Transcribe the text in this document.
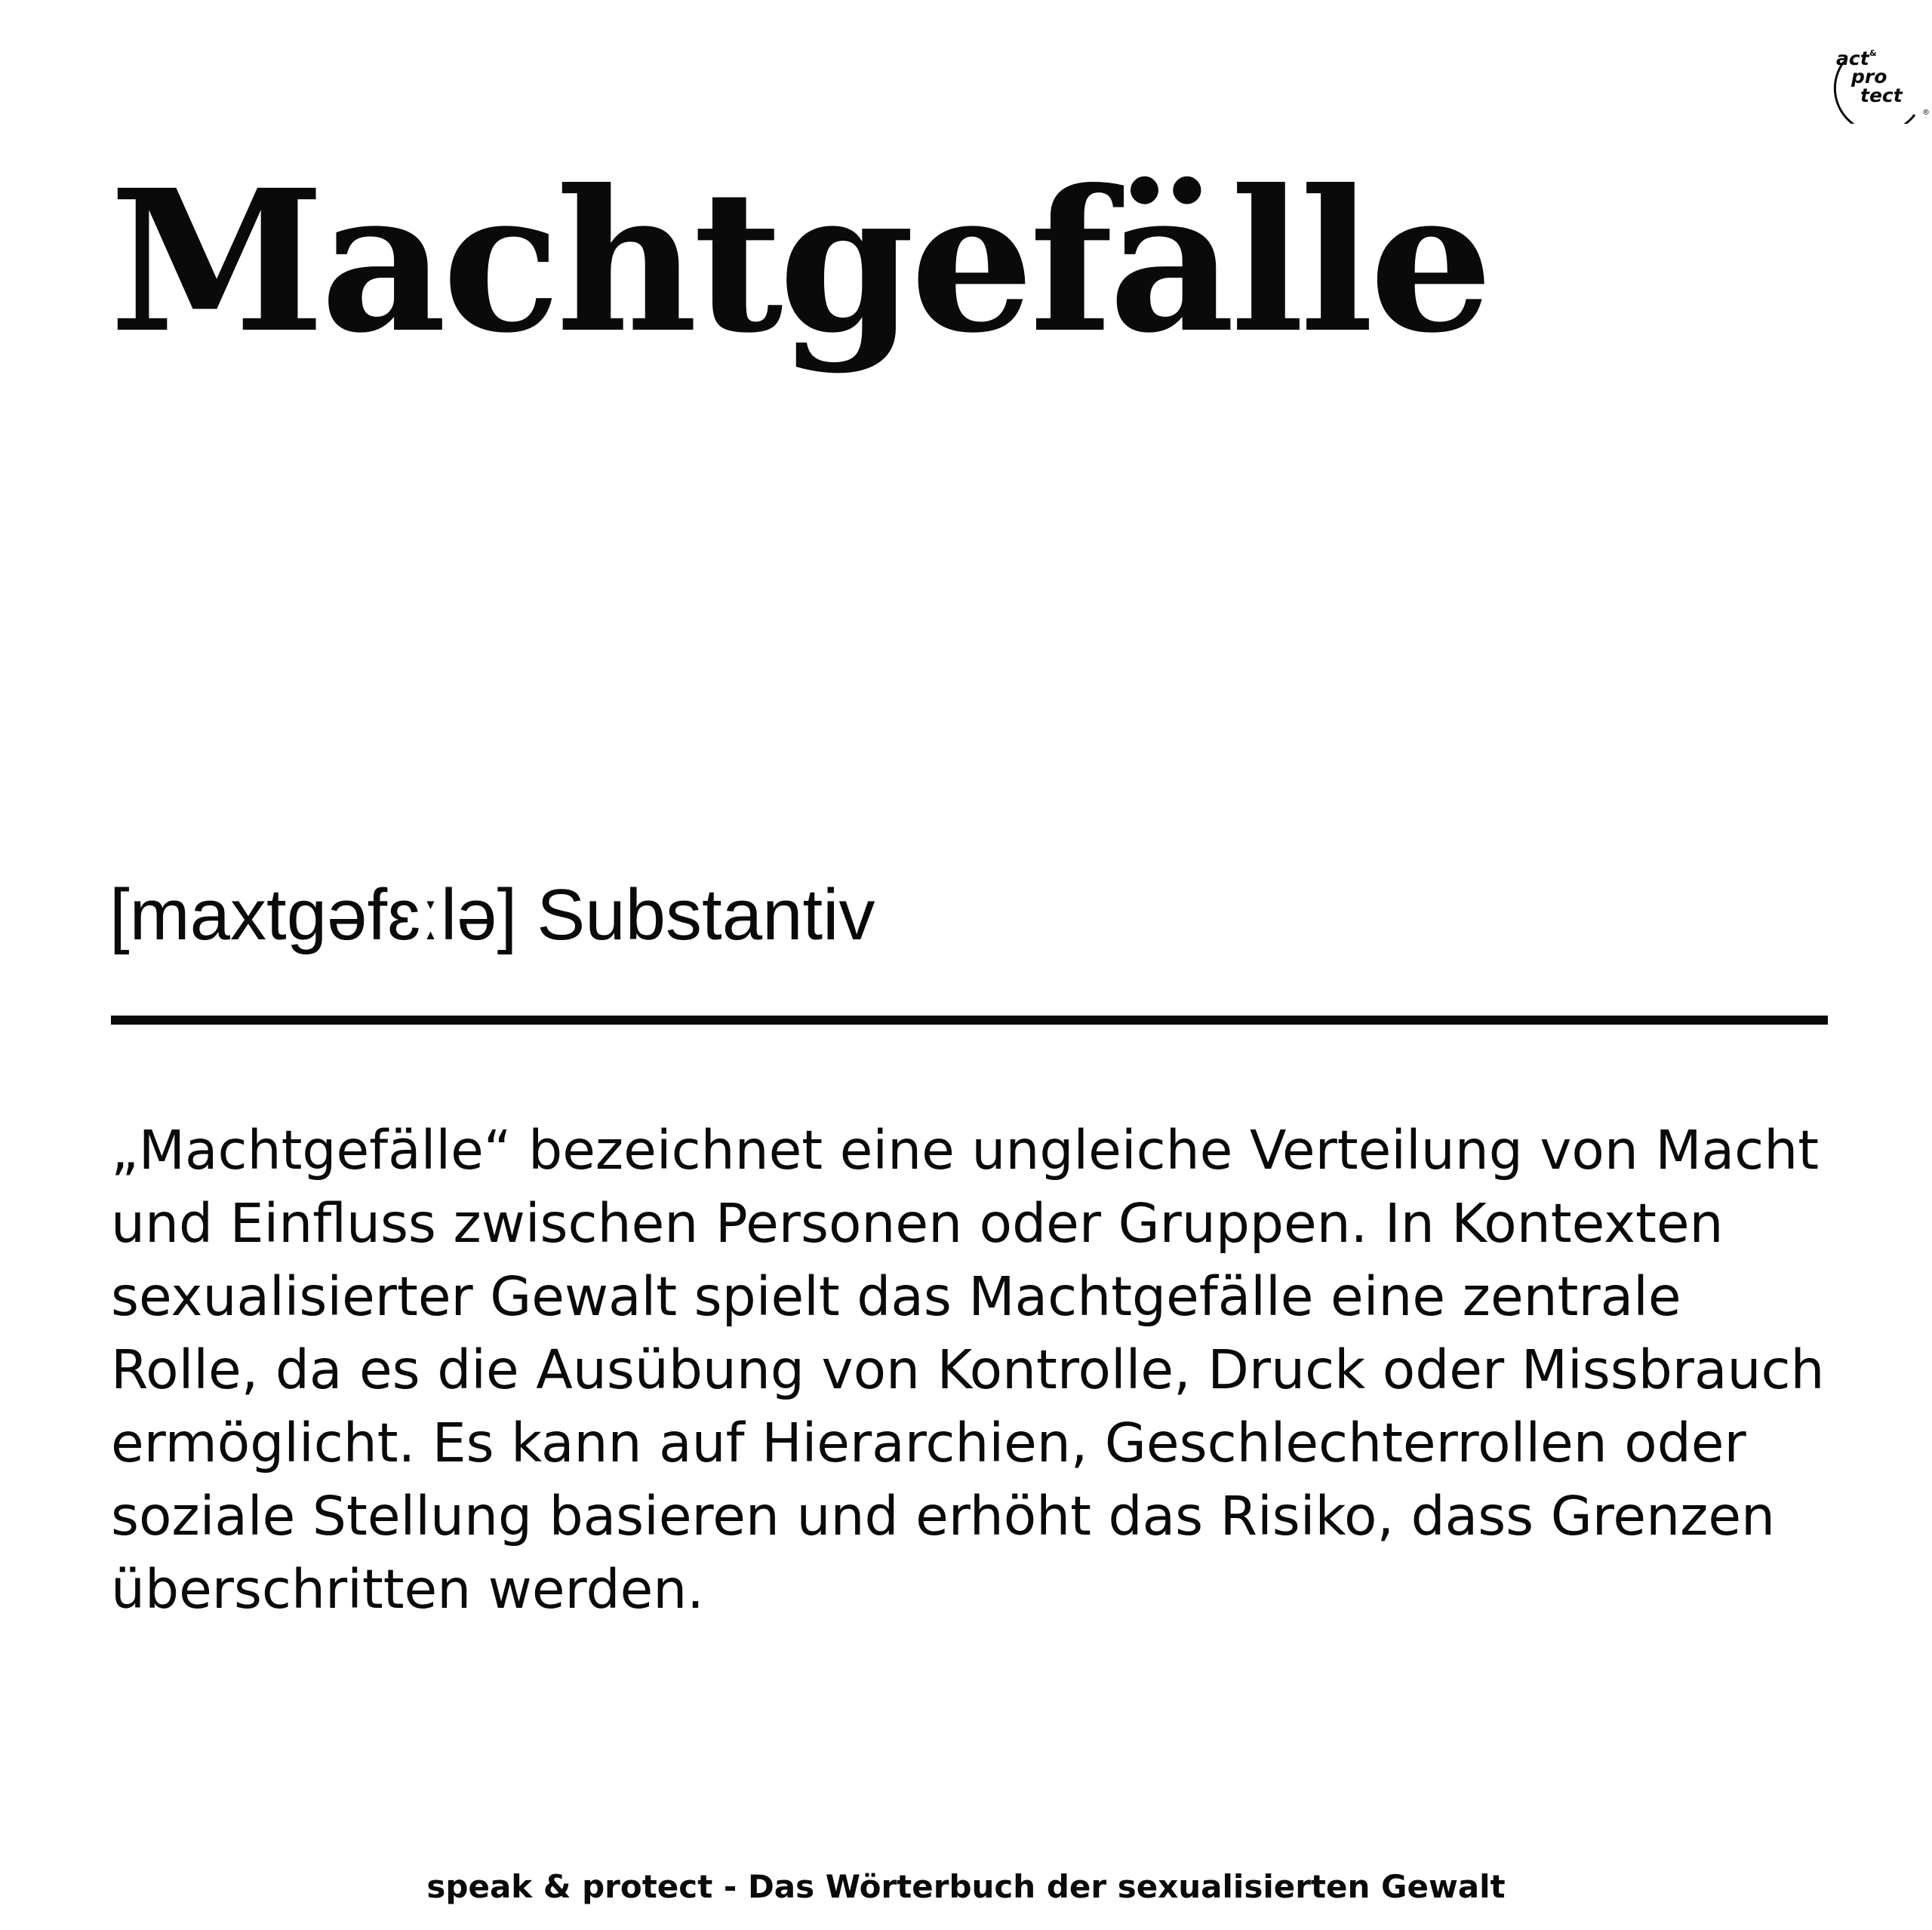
act &
pro
tect
®
Machtgefälle
[maxtɡəfɛːlə] Substantiv

„Machtgefälle“ bezeichnet eine ungleiche Verteilung von Macht und Einfluss zwischen Personen oder Gruppen. In Kontexten sexualisierter Gewalt spielt das Machtgefälle eine zentrale Rolle, da es die Ausübung von Kontrolle, Druck oder Missbrauch ermöglicht. Es kann auf Hierarchien, Geschlechterrollen oder soziale Stellung basieren und erhöht das Risiko, dass Grenzen überschritten werden.

speak & protect - Das Wörterbuch der sexualisierten Gewalt
